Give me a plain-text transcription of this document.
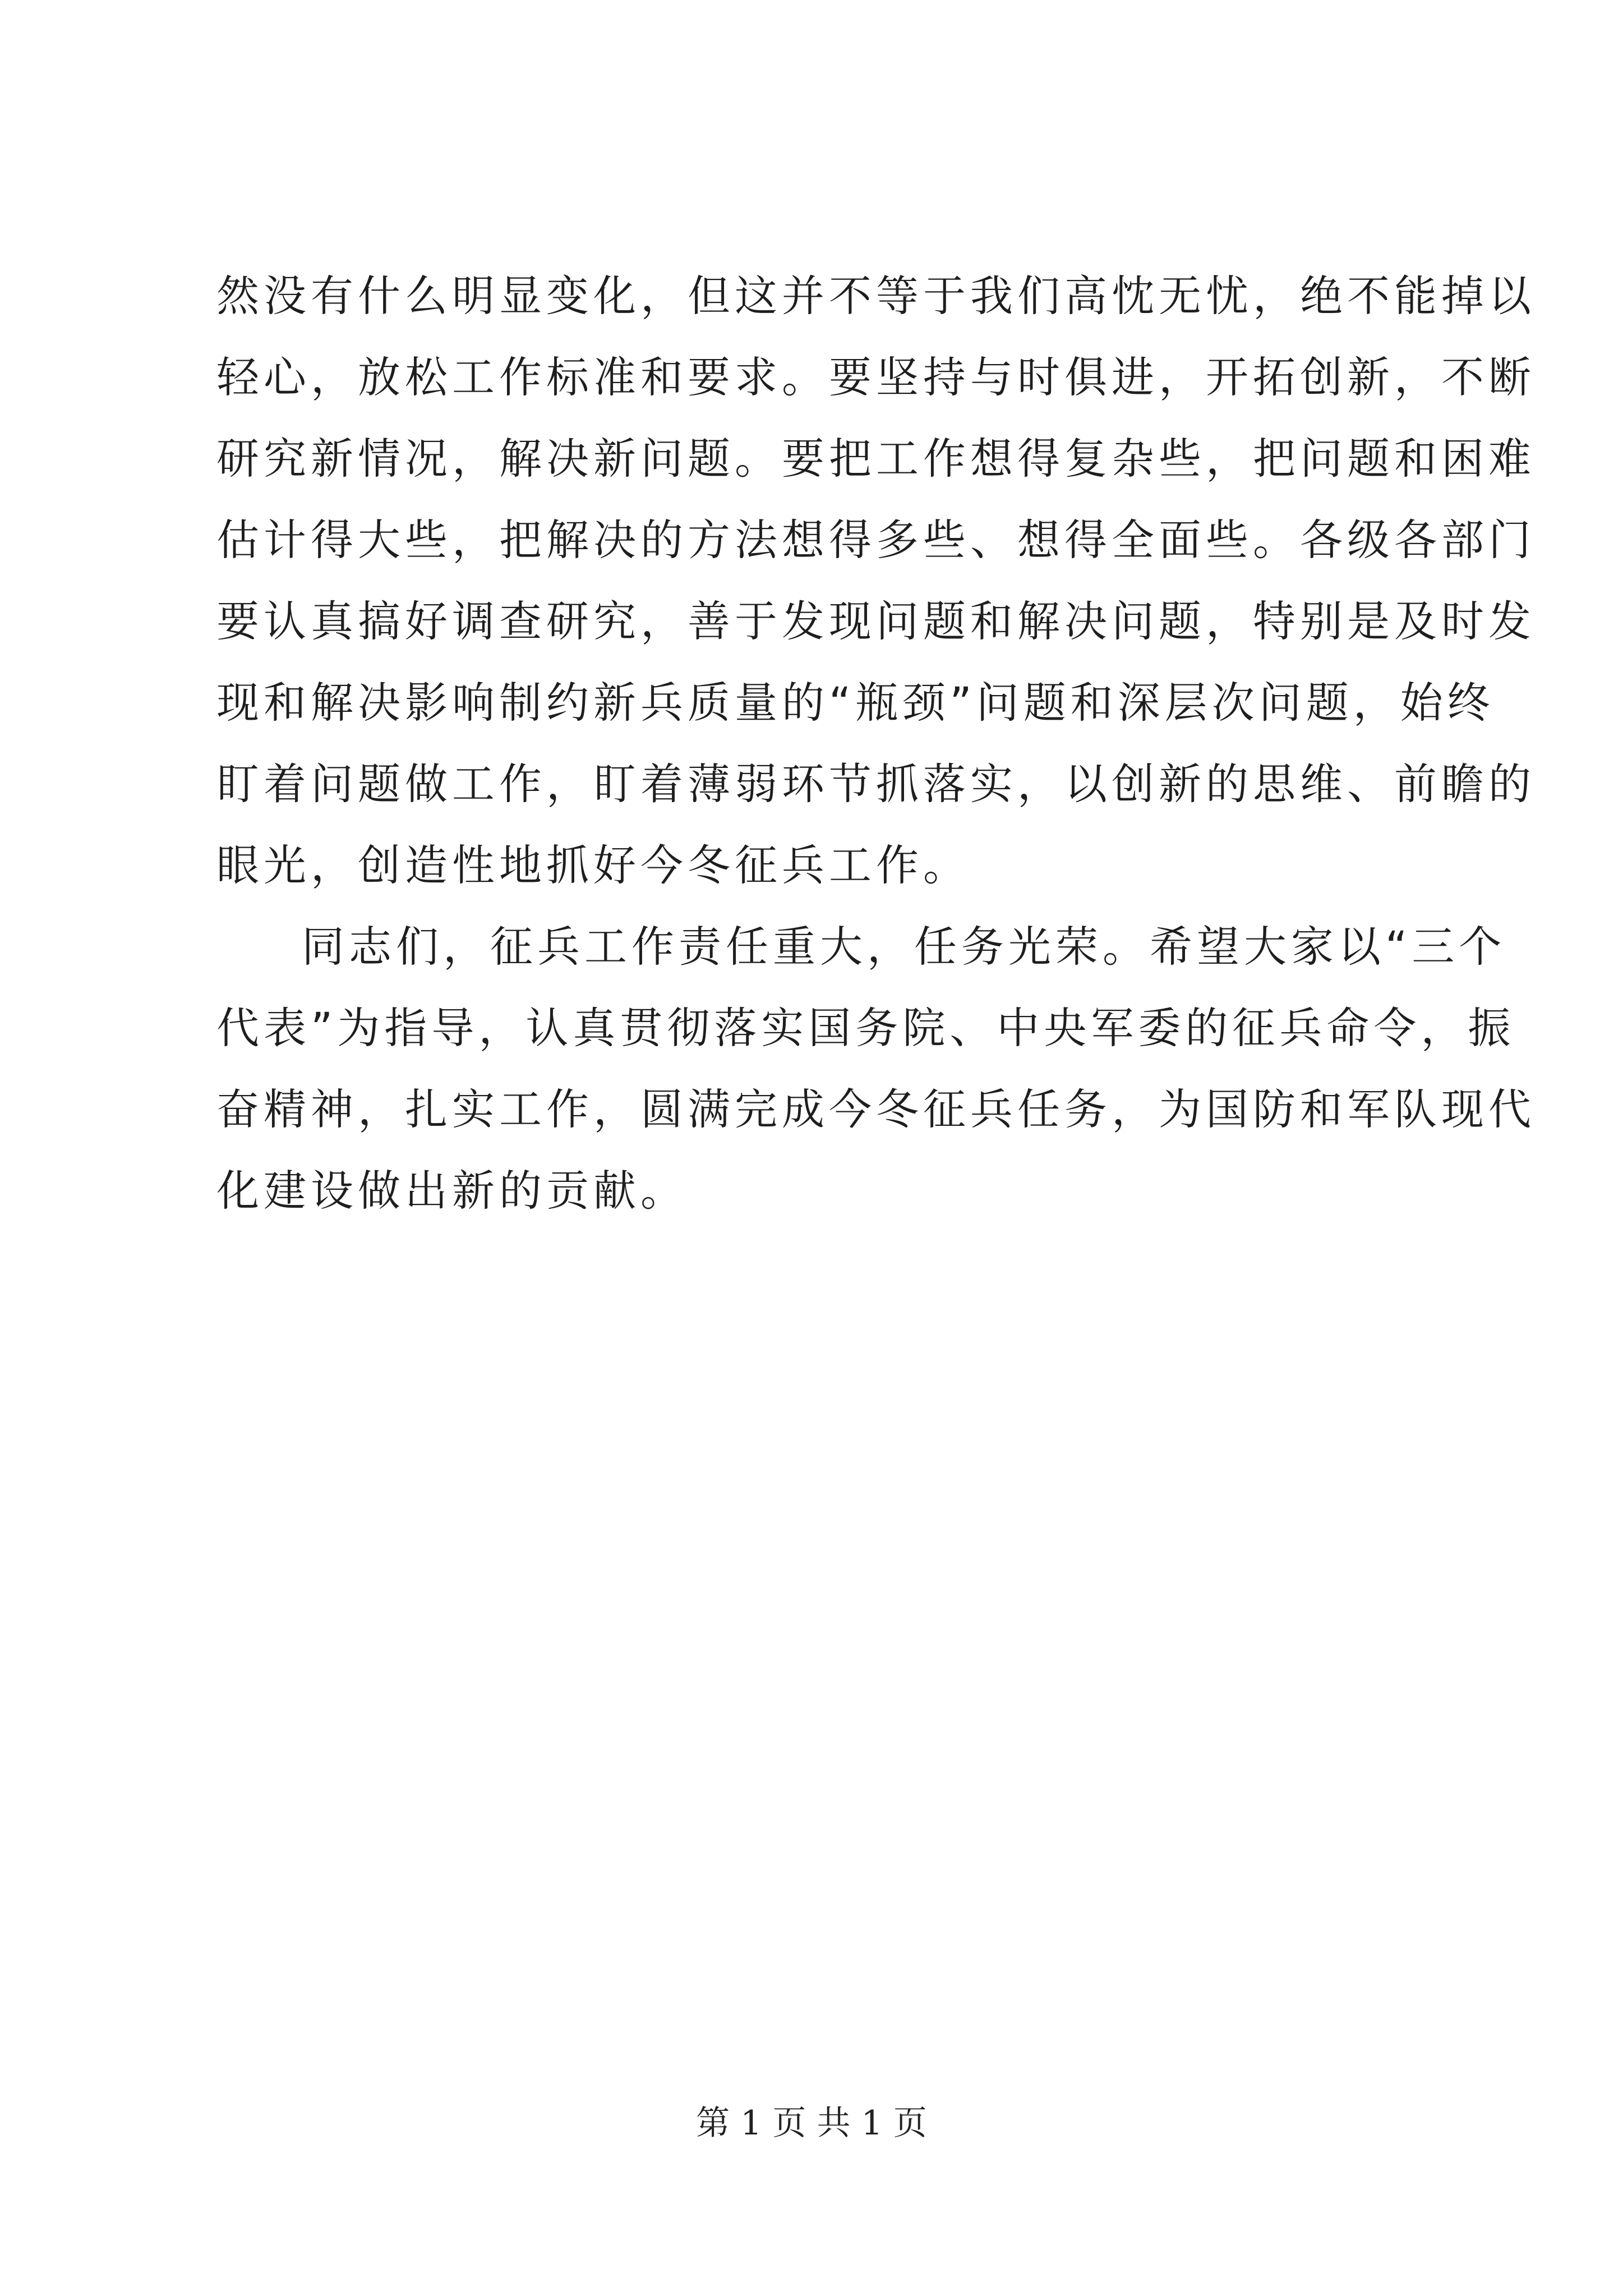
然没有什么明显变化，但这并不等于我们高忱无忧，绝不能掉以
轻心，放松工作标准和要求。要坚持与时俱进，开拓创新，不断
研究新情况，解决新问题。要把工作想得复杂些，把问题和困难
估计得大些，把解决的方法想得多些、想得全面些。各级各部门
要认真搞好调查研究，善于发现问题和解决问题，特别是及时发
现和解决影响制约新兵质量的“瓶颈”问题和深层次问题，始终
盯着问题做工作，盯着薄弱环节抓落实，以创新的思维、前瞻的
眼光，创造性地抓好今冬征兵工作。
同志们，征兵工作责任重大，任务光荣。希望大家以“三个
代表”为指导，认真贯彻落实国务院、中央军委的征兵命令，振
奋精神，扎实工作，圆满完成今冬征兵任务，为国防和军队现代
化建设做出新的贡献。
第 1 页 共 1 页
